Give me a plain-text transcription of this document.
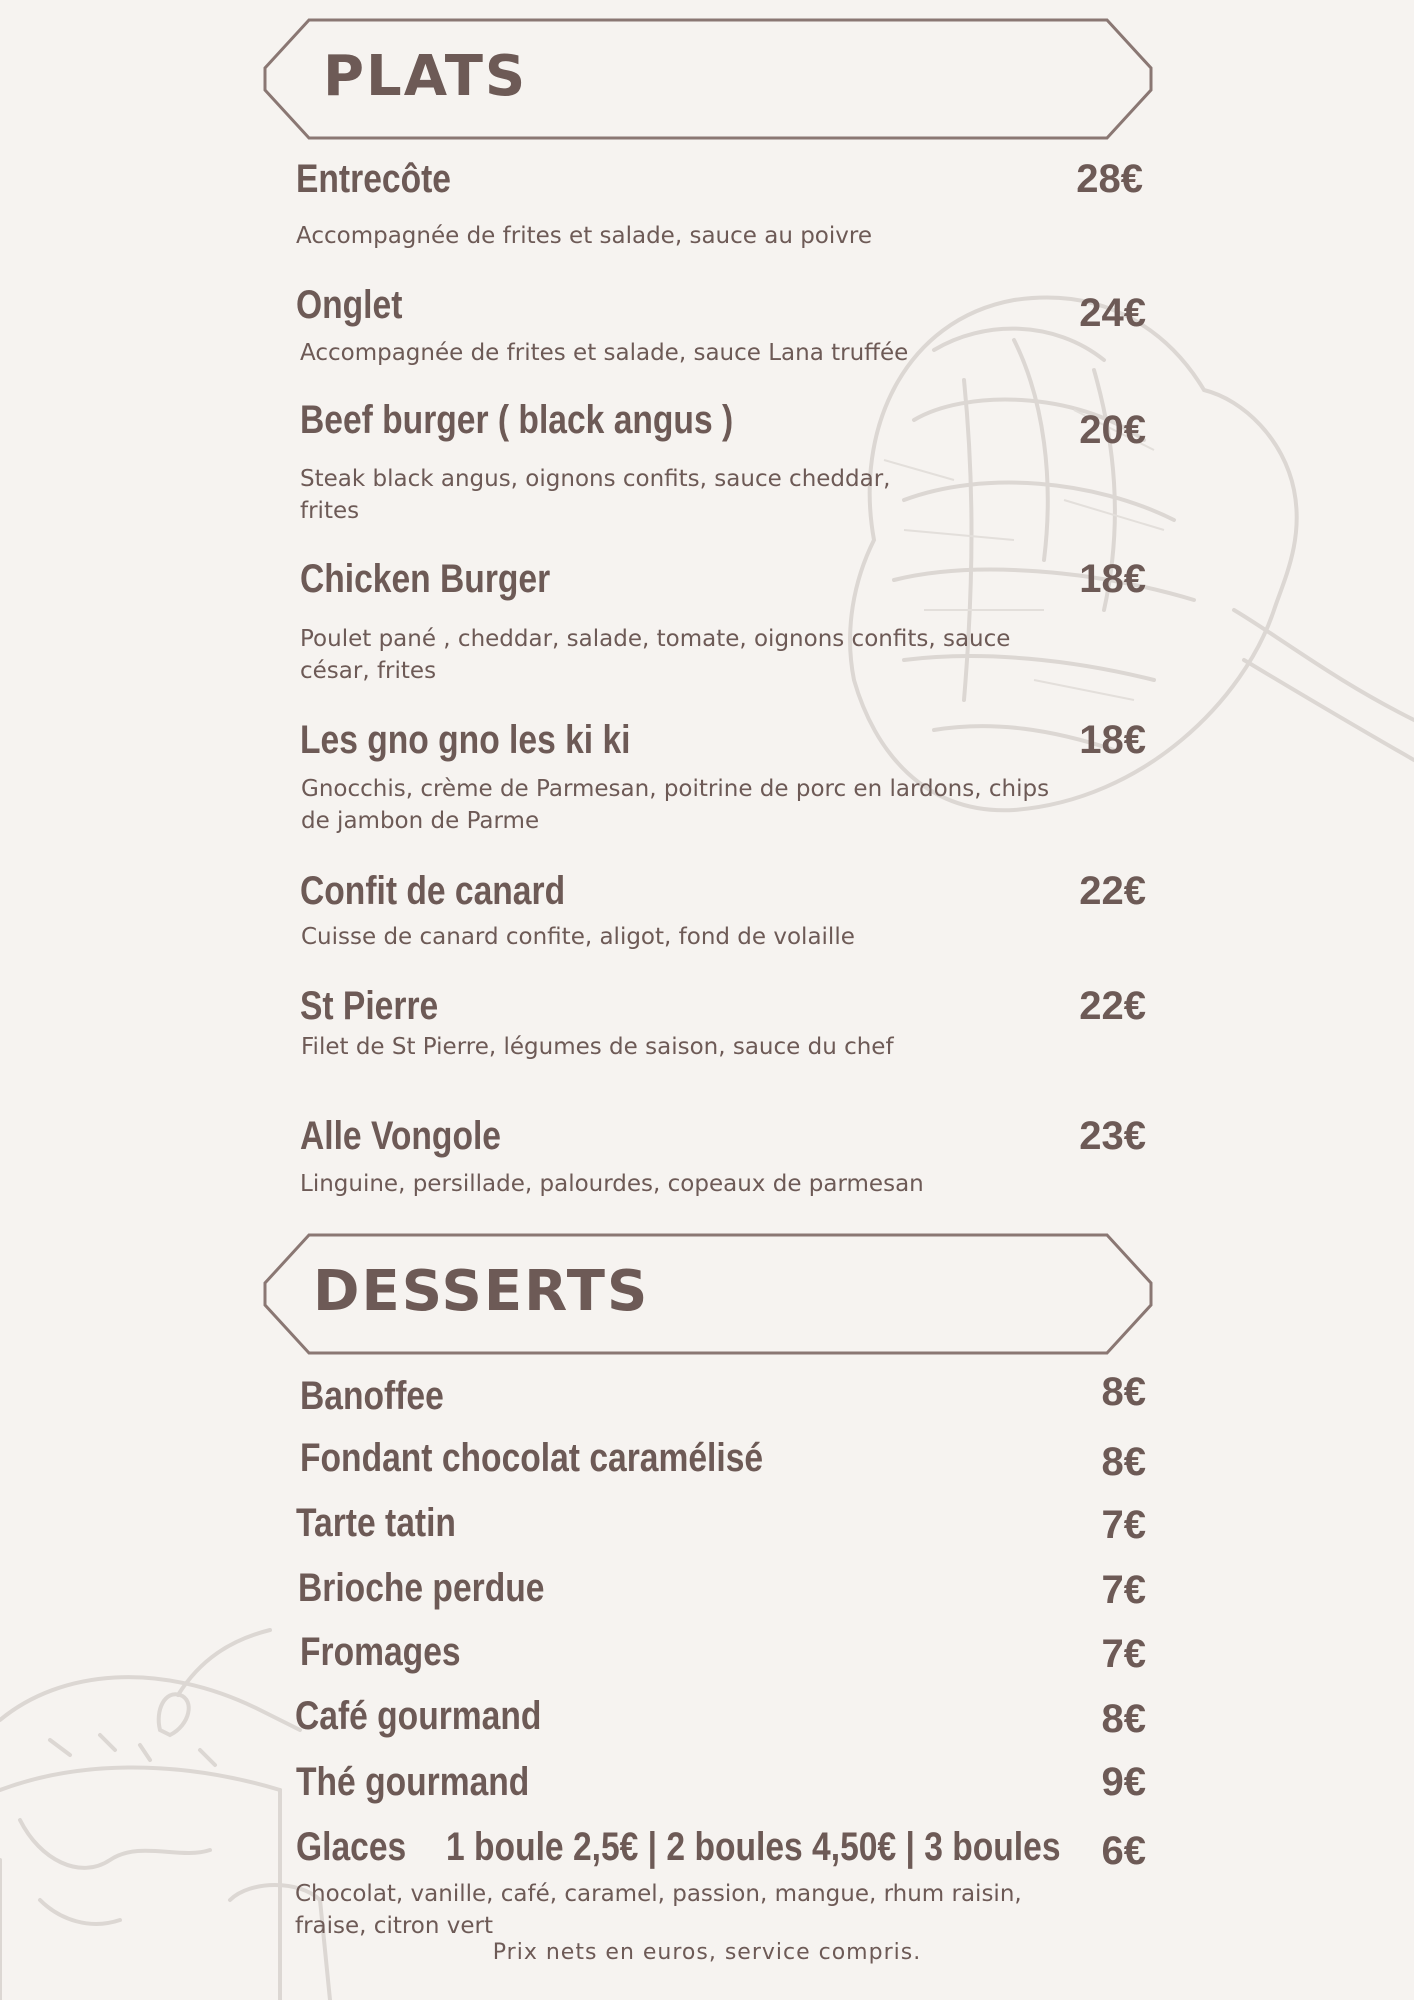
PLATS
Entrecôte	28€
Accompagnée de frites et salade, sauce au poivre
Onglet	24€
Accompagnée de frites et salade, sauce Lana truffée
Beef burger ( black angus )	20€
Steak black angus, oignons confits, sauce cheddar, frites
Chicken Burger	18€
Poulet pané , cheddar, salade, tomate, oignons confits, sauce césar, frites
Les gno gno les ki ki	18€
Gnocchis, crème de Parmesan, poitrine de porc en lardons, chips de jambon de Parme
Confit de canard	22€
Cuisse de canard confite, aligot, fond de volaille
St Pierre	22€
Filet de St Pierre, légumes de saison, sauce du chef
Alle Vongole	23€
Linguine, persillade, palourdes, copeaux de parmesan
DESSERTS
Banoffee	8€
Fondant chocolat caramélisé	8€
Tarte tatin	7€
Brioche perdue	7€
Fromages	7€
Café gourmand	8€
Thé gourmand	9€
Glaces 1 boule 2,5€ | 2 boules 4,50€ | 3 boules	6€
Chocolat, vanille, café, caramel, passion, mangue, rhum raisin, fraise, citron vert
Prix nets en euros, service compris.
